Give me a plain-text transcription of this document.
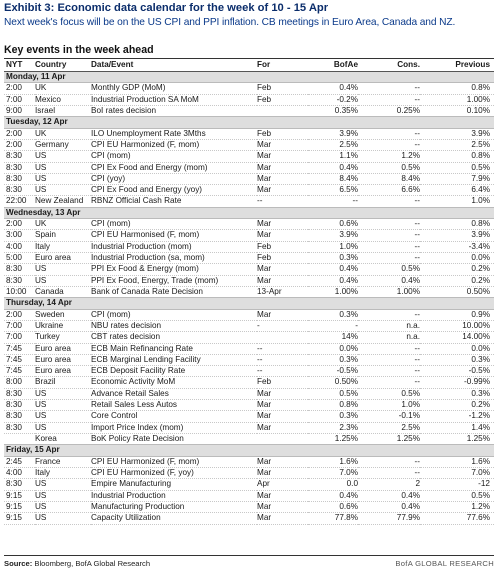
Exhibit 3: Economic data calendar for the week of 10 - 15 Apr
Next week's focus will be on the US CPI and PPI inflation. CB meetings in Euro Area, Canada and NZ.
Key events in the week ahead
NYT	Country	Data/Event	For	BofAe	Cons.	Previous
Monday, 11 Apr						
2:00	UK	Monthly GDP (MoM)	Feb	0.4%	--	0.8%
7:00	Mexico	Industrial Production SA MoM	Feb	-0.2%	--	1.00%
9:00	Israel	BoI rates decision		0.35%	0.25%	0.10%
Tuesday, 12 Apr						
2:00	UK	ILO Unemployment Rate 3Mths	Feb	3.9%	--	3.9%
2:00	Germany	CPI EU Harmonized (F, mom)	Mar	2.5%	--	2.5%
8:30	US	CPI (mom)	Mar	1.1%	1.2%	0.8%
8:30	US	CPI Ex Food and Energy (mom)	Mar	0.4%	0.5%	0.5%
8:30	US	CPI (yoy)	Mar	8.4%	8.4%	7.9%
8:30	US	CPI Ex Food and Energy (yoy)	Mar	6.5%	6.6%	6.4%
22:00	New Zealand	RBNZ Official Cash Rate	--	--	--	1.0%
Wednesday, 13 Apr						
2:00	UK	CPI (mom)	Mar	0.6%	--	0.8%
3:00	Spain	CPI EU Harmonised (F, mom)	Mar	3.9%	--	3.9%
4:00	Italy	Industrial Production (mom)	Feb	1.0%	--	-3.4%
5:00	Euro area	Industrial Production (sa, mom)	Feb	0.3%	--	0.0%
8:30	US	PPI Ex Food & Energy (mom)	Mar	0.4%	0.5%	0.2%
8:30	US	PPI Ex Food, Energy, Trade (mom)	Mar	0.4%	0.4%	0.2%
10:00	Canada	Bank of Canada Rate Decision	13-Apr	1.00%	1.00%	0.50%
Thursday, 14 Apr						
2:00	Sweden	CPI (mom)	Mar	0.3%	--	0.9%
7:00	Ukraine	NBU rates decision	-	-	n.a.	10.00%
7:00	Turkey	CBT rates decision		14%	n.a.	14.00%
7:45	Euro area	ECB Main Refinancing Rate	--	0.0%	--	0.0%
7:45	Euro area	ECB Marginal Lending Facility	--	0.3%	--	0.3%
7:45	Euro area	ECB Deposit Facility Rate	--	-0.5%	--	-0.5%
8:00	Brazil	Economic Activity MoM	Feb	0.50%	--	-0.99%
8:30	US	Advance Retail Sales	Mar	0.5%	0.5%	0.3%
8:30	US	Retail Sales Less Autos	Mar	0.8%	1.0%	0.2%
8:30	US	Core Control	Mar	0.3%	-0.1%	-1.2%
8:30	US	Import Price Index (mom)	Mar	2.3%	2.5%	1.4%
	Korea	BoK Policy Rate Decision		1.25%	1.25%	1.25%
Friday, 15 Apr						
2:45	France	CPI EU Harmonized (F, mom)	Mar	1.6%	--	1.6%
4:00	Italy	CPI EU Harmonized (F, yoy)	Mar	7.0%	--	7.0%
8:30	US	Empire Manufacturing	Apr	0.0	2	-12
9:15	US	Industrial Production	Mar	0.4%	0.4%	0.5%
9:15	US	Manufacturing Production	Mar	0.6%	0.4%	1.2%
9:15	US	Capacity Utilization	Mar	77.8%	77.9%	77.6%
Source: Bloomberg, BofA Global Research	BofA GLOBAL RESEARCH
